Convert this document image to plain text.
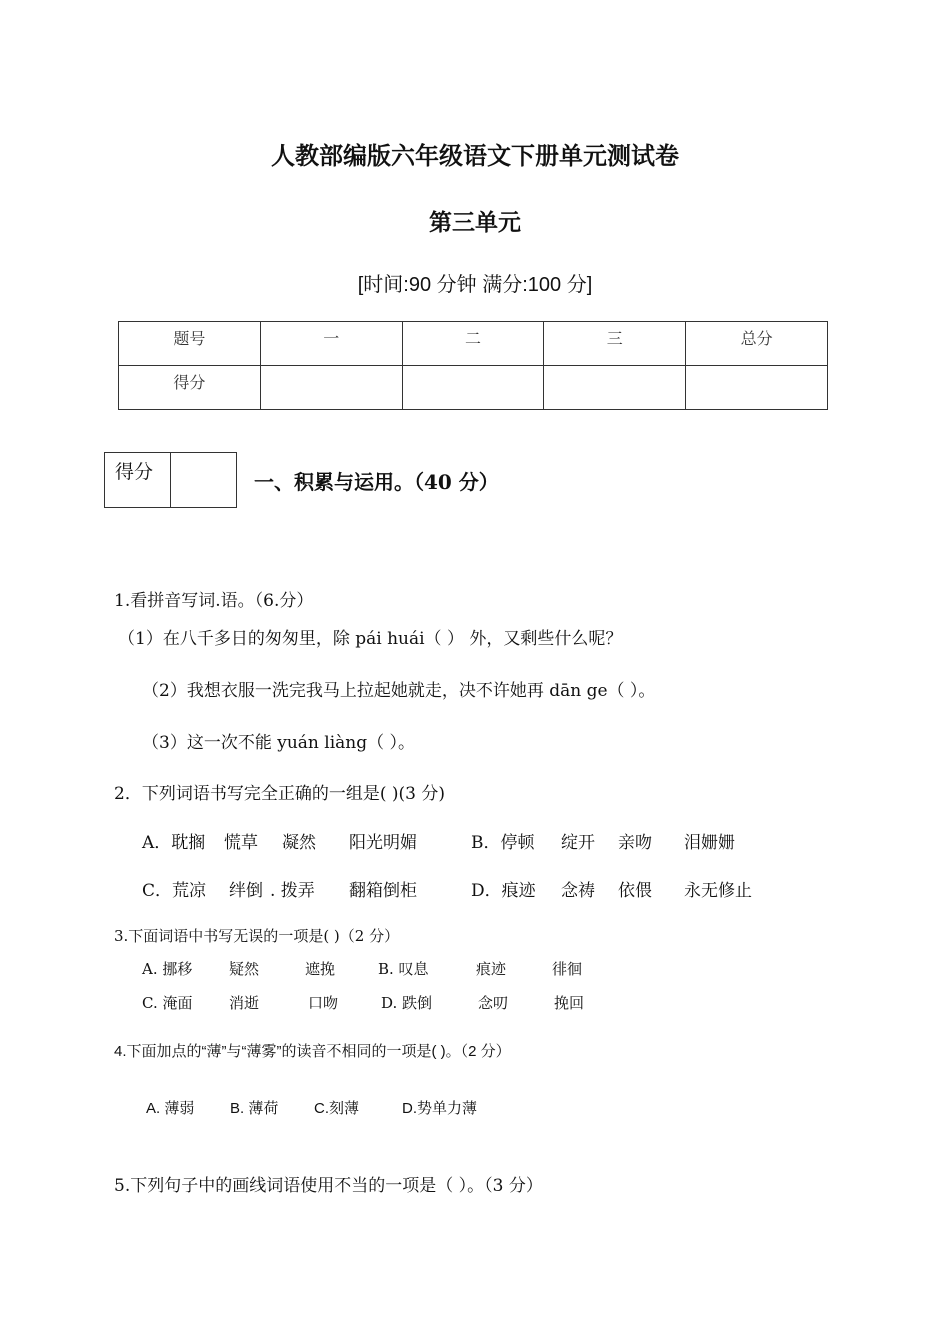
人教部编版六年级语文下册单元测试卷
第三单元
[时间:90 分钟 满分:100 分]
题号	一	二	三	总分
得分				
得分	一、积累与运用。（40 分）
1.看拼音写词.语。（6.分）
（1）在八千多日的匆匆里，除 pái huái（ ） 外，又剩些什么呢？
（2）我想衣服一洗完我马上拉起她就走，决不许她再 dān ge（ ）。
（3）这一次不能 yuán liàng（ ）。
2．下列词语书写完全正确的一组是( )(3 分)
A．耽搁 慌草 凝然 阳光明媚	B．停顿 绽开 亲吻 泪姗姗
C．荒凉 绊倒 . 拨弄 翻箱倒柜	D．痕迹 念祷 依偎 永无修止
3.下面词语中书写无误的一项是( )（2 分）
A. 挪移 疑然	遮挽	B. 叹息	痕迹	徘徊
C. 淹面 消逝	口吻	D. 跌倒	念叨	挽回
4.下面加点的“薄”与“薄雾”的读音不相同的一项是( )。（2 分）
A. 薄弱 B. 薄荷 C.刻薄	D.势单力薄
5.下列句子中的画线词语使用不当的一项是（ ）。（3 分）
